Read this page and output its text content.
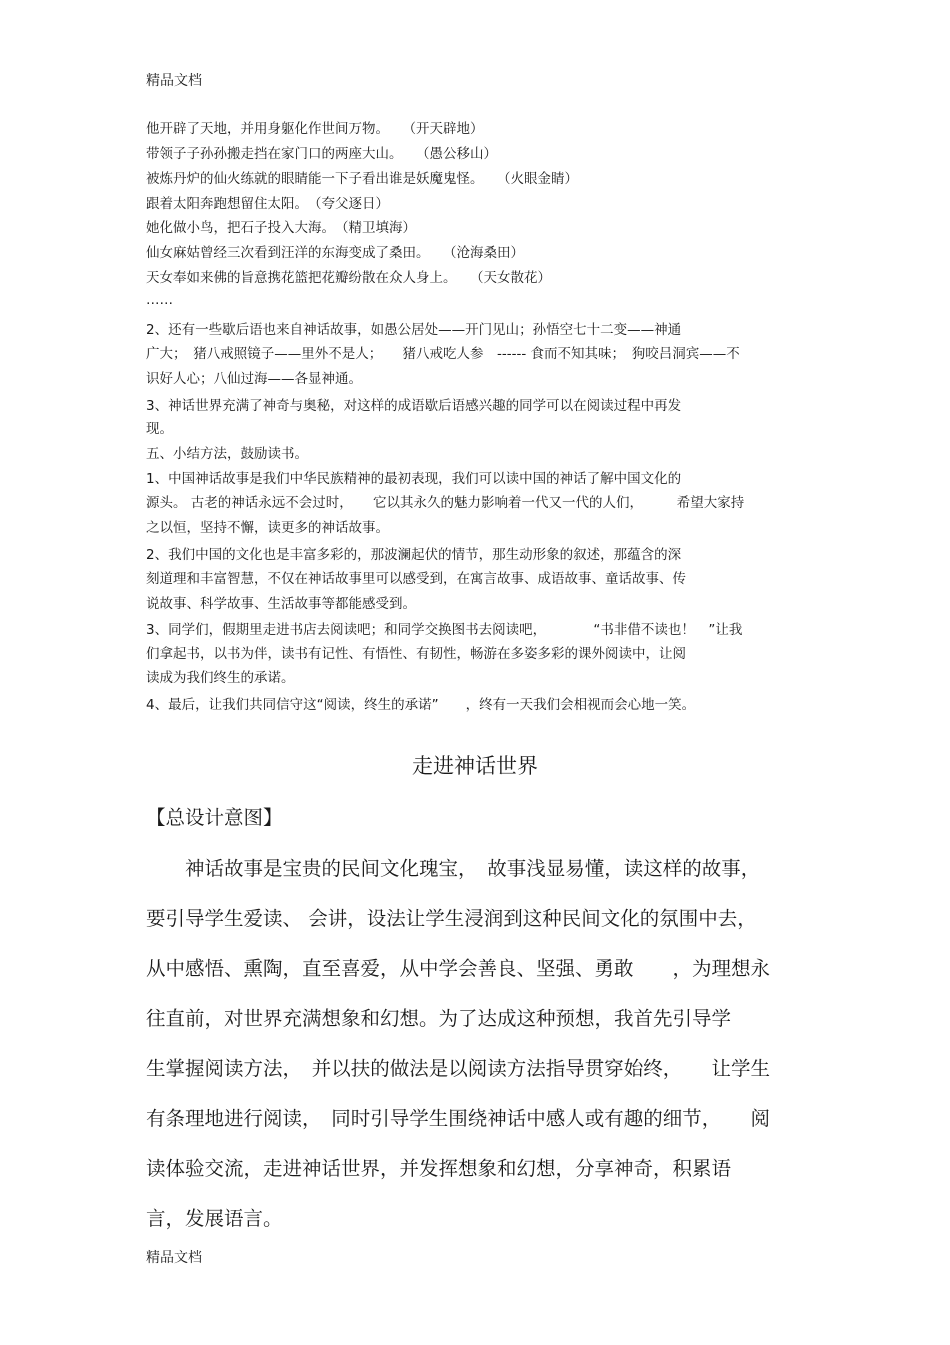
精品文档
他开辟了天地，并用身躯化作世间万物。　　（开天辟地）
带领子子孙孙搬走挡在家门口的两座大山。　　（愚公移山）
被炼丹炉的仙火练就的眼睛能一下子看出谁是妖魔鬼怪。　　（火眼金睛）
跟着太阳奔跑想留住太阳。　（夸父逐日）
她化做小鸟，把石子投入大海。　（精卫填海）
仙女麻姑曾经三次看到汪洋的东海变成了桑田。　　（沧海桑田）
天女奉如来佛的旨意携花篮把花瓣纷散在众人身上。　　（天女散花）
……
2、还有一些歇后语也来自神话故事，如愚公居处——开门见山；孙悟空七十二变——神通
广大；　猪八戒照镜子——里外不是人；　　猪八戒吃人参　------ 食而不知其味；　狗咬吕洞宾——不
识好人心；八仙过海——各显神通。
3、神话世界充满了神奇与奥秘，对这样的成语歇后语感兴趣的同学可以在阅读过程中再发
现。
五、小结方法，鼓励读书。
1、中国神话故事是我们中华民族精神的最初表现，我们可以读中国的神话了解中国文化的
源头。 古老的神话永远不会过时，　　它以其永久的魅力影响着一代又一代的人们，　　　希望大家持
之以恒，坚持不懈，读更多的神话故事。
2、我们中国的文化也是丰富多彩的，那波澜起伏的情节，那生动形象的叙述，那蕴含的深
刻道理和丰富智慧，不仅在神话故事里可以感受到，在寓言故事、成语故事、童话故事、传
说故事、科学故事、生活故事等都能感受到。
3、同学们，假期里走进书店去阅读吧；和同学交换图书去阅读吧，　　　　“书非借不读也！　”让我
们拿起书，以书为伴，读书有记性、有悟性、有韧性，畅游在多姿多彩的课外阅读中，让阅
读成为我们终生的承诺。
4、最后，让我们共同信守这“阅读，终生的承诺”　　，终有一天我们会相视而会心地一笑。
走进神话世界
【总设计意图】
　　神话故事是宝贵的民间文化瑰宝，　故事浅显易懂，读这样的故事，
要引导学生爱读、 会讲，设法让学生浸润到这种民间文化的氛围中去，
从中感悟、熏陶，直至喜爱，从中学会善良、坚强、勇敢　　，为理想永
往直前，对世界充满想象和幻想。为了达成这种预想，我首先引导学
生掌握阅读方法，　并以扶的做法是以阅读方法指导贯穿始终，　　让学生
有条理地进行阅读，　同时引导学生围绕神话中感人或有趣的细节，　　阅
读体验交流，走进神话世界，并发挥想象和幻想，分享神奇，积累语
言，发展语言。
精品文档
